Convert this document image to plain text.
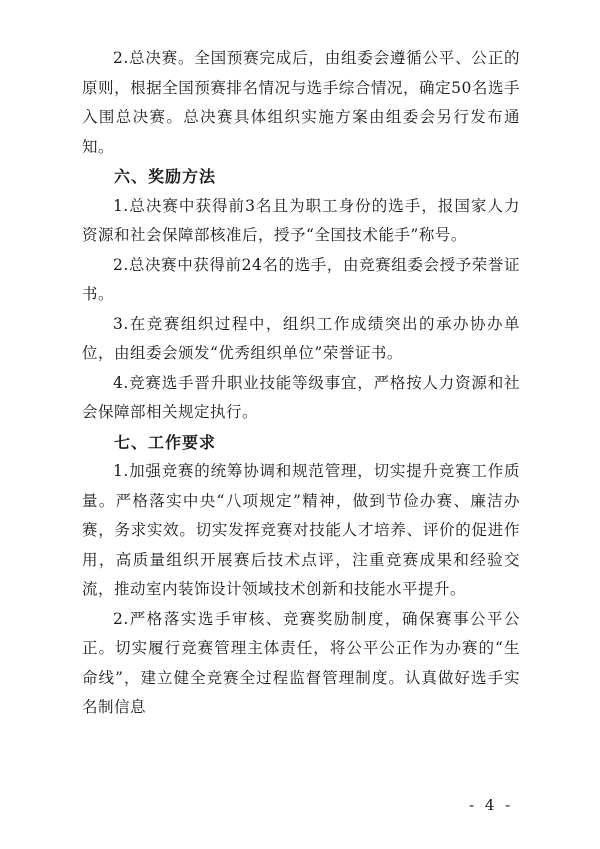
2.总决赛。全国预赛完成后，由组委会遵循公平、公正的原则，根据全国预赛排名情况与选手综合情况，确定50名选手入围总决赛。总决赛具体组织实施方案由组委会另行发布通知。

六、奖励方法

1.总决赛中获得前3名且为职工身份的选手，报国家人力资源和社会保障部核准后，授予“全国技术能手”称号。

2.总决赛中获得前24名的选手，由竞赛组委会授予荣誉证书。

3.在竞赛组织过程中，组织工作成绩突出的承办协办单位，由组委会颁发“优秀组织单位”荣誉证书。

4.竞赛选手晋升职业技能等级事宜，严格按人力资源和社会保障部相关规定执行。

七、工作要求

1.加强竞赛的统筹协调和规范管理，切实提升竞赛工作质量。严格落实中央“八项规定”精神，做到节俭办赛、廉洁办赛，务求实效。切实发挥竞赛对技能人才培养、评价的促进作用，高质量组织开展赛后技术点评，注重竞赛成果和经验交流，推动室内装饰设计领域技术创新和技能水平提升。

2.严格落实选手审核、竞赛奖励制度，确保赛事公平公正。切实履行竞赛管理主体责任，将公平公正作为办赛的“生命线”，建立健全竞赛全过程监督管理制度。认真做好选手实名制信息

- 4 -
